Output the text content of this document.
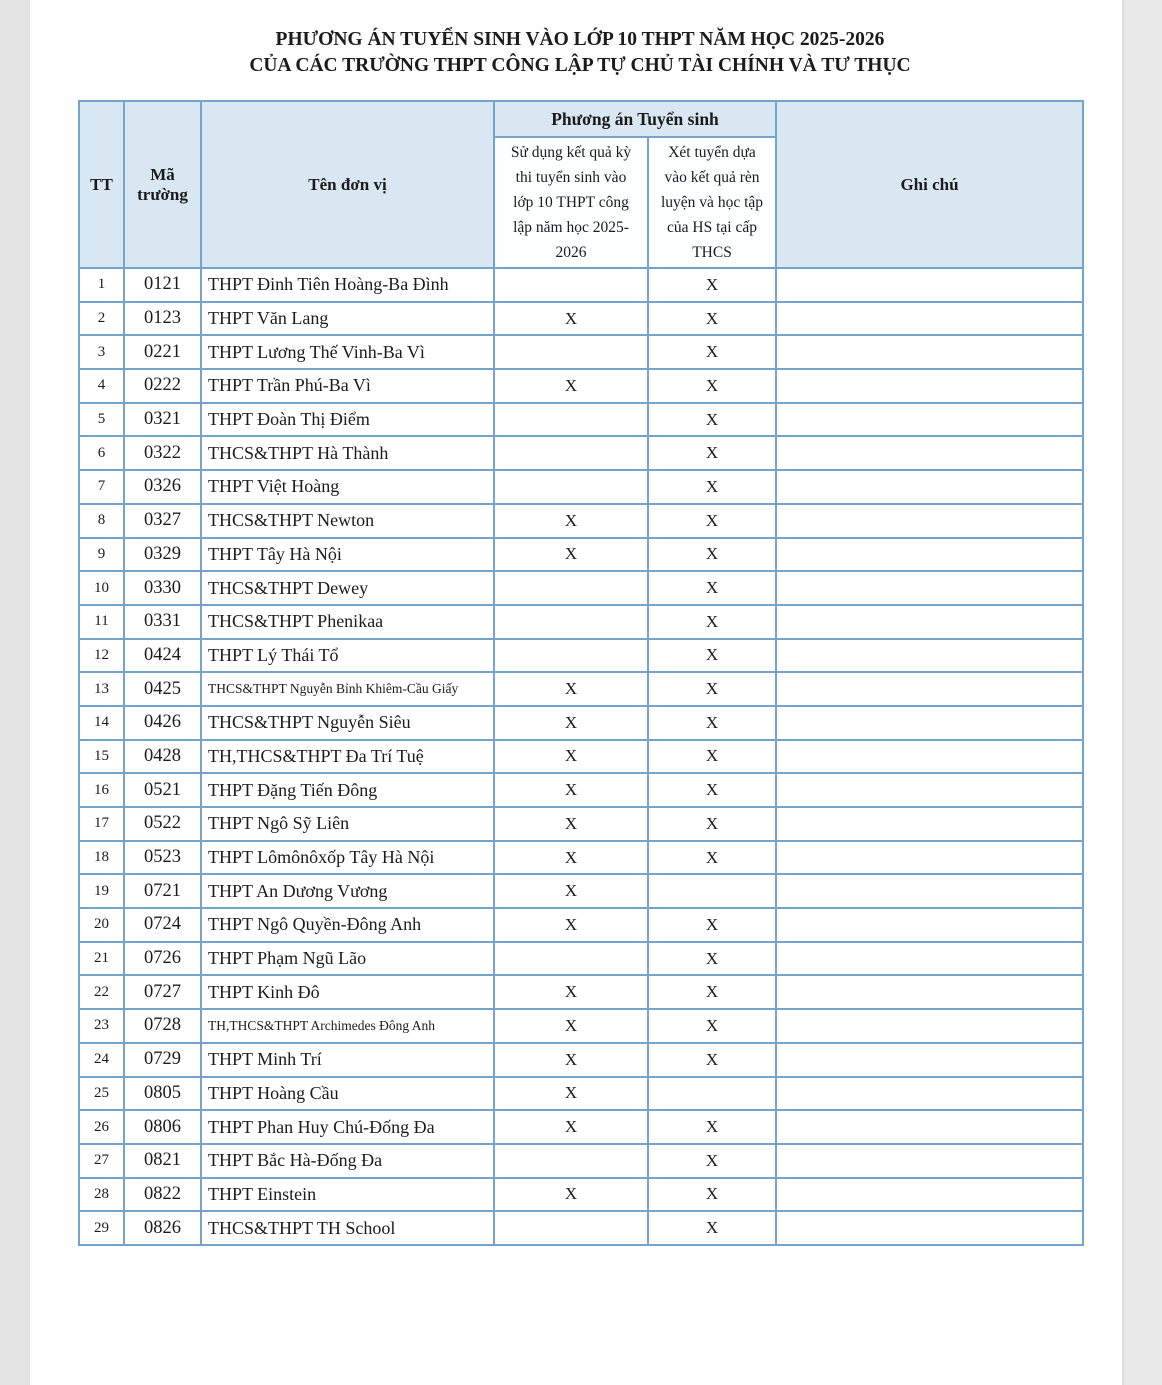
PHƯƠNG ÁN TUYỂN SINH VÀO LỚP 10 THPT NĂM HỌC 2025-2026
CỦA CÁC TRƯỜNG THPT CÔNG LẬP TỰ CHỦ TÀI CHÍNH VÀ TƯ THỤC
TT	Mã trường	Tên đơn vị	Phương án Tuyển sinh		Ghi chú
			Sử dụng kết quả kỳ thi tuyển sinh vào lớp 10 THPT công lập năm học 2025-2026	Xét tuyển dựa vào kết quả rèn luyện và học tập của HS tại cấp THCS	
1	0121	THPT Đinh Tiên Hoàng-Ba Đình		X	
2	0123	THPT Văn Lang	X	X	
3	0221	THPT Lương Thế Vinh-Ba Vì		X	
4	0222	THPT Trần Phú-Ba Vì	X	X	
5	0321	THPT Đoàn Thị Điểm		X	
6	0322	THCS&THPT Hà Thành		X	
7	0326	THPT Việt Hoàng		X	
8	0327	THCS&THPT Newton	X	X	
9	0329	THPT Tây Hà Nội	X	X	
10	0330	THCS&THPT Dewey		X	
11	0331	THCS&THPT Phenikaa		X	
12	0424	THPT Lý Thái Tổ		X	
13	0425	THCS&THPT Nguyễn Bỉnh Khiêm-Cầu Giấy	X	X	
14	0426	THCS&THPT Nguyễn Siêu	X	X	
15	0428	TH,THCS&THPT Đa Trí Tuệ	X	X	
16	0521	THPT Đặng Tiến Đông	X	X	
17	0522	THPT Ngô Sỹ Liên	X	X	
18	0523	THPT Lômônôxốp Tây Hà Nội	X	X	
19	0721	THPT An Dương Vương	X		
20	0724	THPT Ngô Quyền-Đông Anh	X	X	
21	0726	THPT Phạm Ngũ Lão		X	
22	0727	THPT Kinh Đô	X	X	
23	0728	TH,THCS&THPT Archimedes Đông Anh	X	X	
24	0729	THPT Minh Trí	X	X	
25	0805	THPT Hoàng Cầu	X		
26	0806	THPT Phan Huy Chú-Đống Đa	X	X	
27	0821	THPT Bắc Hà-Đống Đa		X	
28	0822	THPT Einstein	X	X	
29	0826	THCS&THPT TH School		X	
